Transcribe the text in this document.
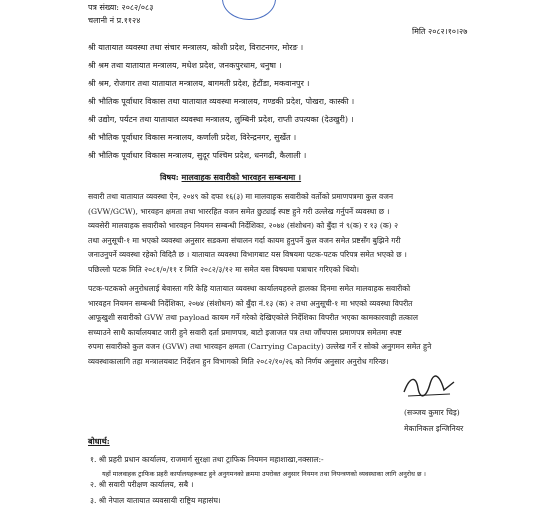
पत्र संख्या: २०८२/०८३
चलानी नं प्र.११२४
मिति २०८२।१०।२७
श्री यातायात व्यवस्था तथा संचार मन्त्रालय, कोशी प्रदेश, विराटनगर, मोरङ ।
श्री श्रम तथा यातायात मन्त्रालय, मधेश प्रदेश, जनकपुरधाम, धनुषा ।
श्री श्रम, रोजगार तथा यातायात मन्त्रालय, बागमती प्रदेश, हेटौंडा, मकवानपुर ।
श्री भौतिक पूर्वाधार विकास तथा यातायात व्यवस्था मन्त्रालय, गण्डकी प्रदेश, पोखरा, कास्की ।
श्री उद्योग, पर्यटन तथा यातायात व्यवस्था मन्त्रालय, लुम्बिनी प्रदेश, राप्ती उपत्यका (देउखुरी) ।
श्री भौतिक पूर्वाधार विकास मन्त्रालय, कर्णाली प्रदेश, विरेन्द्रनगर, सुर्खेत ।
श्री भौतिक पूर्वाधार विकास मन्त्रालय, सुदूर पश्चिम प्रदेश, धनगढी, कैलाली ।
विषय: मालवाहक सवारीको भारवहन सम्बन्धमा ।
सवारी तथा यातायात व्यवस्था ऐन, २०४९ को दफा १६(३) मा मालवाहक सवारीको वर्तोको प्रमाणपत्रमा कुल वजन
(GVW/GCW), भारवहन क्षमता तथा भाररहित वजन समेत छुट्याई स्पष्ट हुने गरी उल्लेख गर्नुपर्ने व्यवस्था छ ।
व्यवसेरी मालवाहक सवारीको भारवहन नियमन सम्बन्धी निर्देशिका, २०७४ (संशोधन) को बुँदा नं ९(क) र १३ (क) २
तथा अनुसूची-१ मा भएको व्यवस्था अनुसार सडकमा संचालन गर्दा कायम हुनुपर्ने कुल वजन समेत प्रष्टसँग बुझिने गरी
जनाउनुपर्ने व्यवस्था रहेको विदितै छ । यातायात व्यवस्था विभागबाट यस विषयमा पटक-पटक परिपत्र समेत भएको छ ।
पछिल्लो पटक मिति २०८१/०/११ र मिति २०८२/३/१२ मा समेत यस विषयमा पत्राचार गरिएको थियो।
पटक-पटकको अनुरोधलाई बेवास्ता गरि केहि यातायात व्यवस्था कार्यालयहरुले हालका दिनमा समेत मालवाहक सवारीको
भारवहन नियमन सम्बन्धी निर्देशिका, २०७४ (संशोधन) को बुँदा नं.१३ (क) २ तथा अनुसूची-१ मा भएको व्यवस्था विपरीत
आफूखुशी सवारीको GVW तथा payload कायम गर्ने गरेको देखिएकोले निर्देशिका विपरीत भएका कामकारवाही तत्काल
सच्याउने साथै कार्यालयबाट जारी हुने सवारी दर्ता प्रमाणपत्र, बाटो इजाजत पत्र तथा जाँचपास प्रमाणपत्र समेतमा स्पष्ट
रुपमा सवारीको कुल वजन (GVW) तथा भारवहन क्षमता (Carrying Capacity) उल्लेख गर्ने र सोको अनुगमन समेत हुने
व्यवस्थाकालागि तहा मन्त्रालयबाट निर्देशन हुन विभागको मिति २०८२/१०/२६ को निर्णय अनुसार अनुरोध गरिन्छ।
(सञ्जय कुमार चिइ)
मेकानिकल इन्जिनियर
बोधार्थ:
१. श्री प्रहरी प्रधान कार्यालय, राजमार्ग सुरक्षा तथा ट्राफिक नियमन महाशाखा,नक्साल:-
यहाँ मालवाहक ट्राफिक प्रहरी कार्यालयहरूबाट हुने अनुगमनको क्रममा उपरोक्त अनुसार नियमन तथा नियन्त्रणको व्यवस्थाका लागि अनुरोध छ ।
२. श्री सवारी परीक्षण कार्यालय, सबै ।
३. श्री नेपाल यातायात व्यवसायी राष्ट्रिय महासंघ।
